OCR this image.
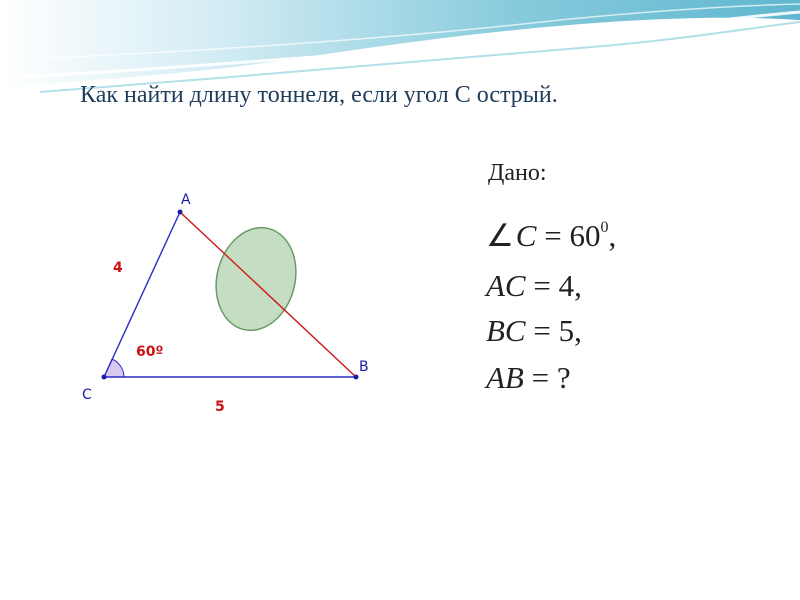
Как найти длину тоннеля, если угол С острый.
A
B
C
4
5
60º
Дано:
∠C = $60^0$,
AC = 4,
BC = 5,
AB = ?
